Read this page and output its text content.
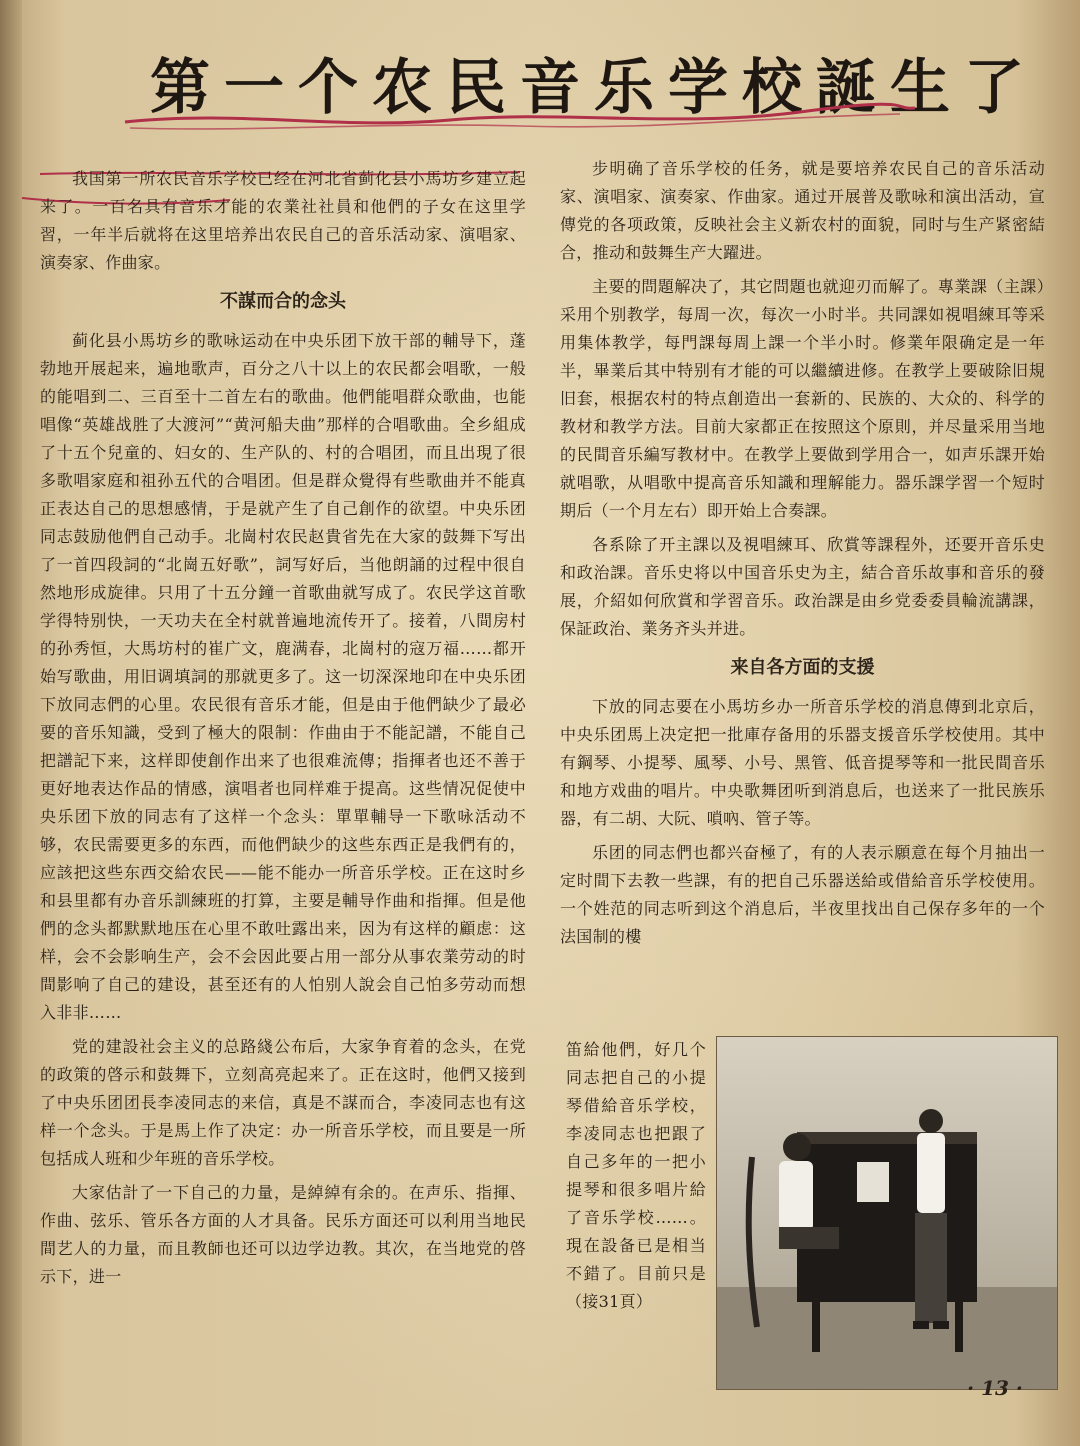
第一个农民音乐学校誕生了

我国第一所农民音乐学校已经在河北省蓟化县小馬坊乡建立起来了。一百名具有音乐才能的农業社社員和他們的子女在这里学習，一年半后就将在这里培养出农民自己的音乐活动家、演唱家、演奏家、作曲家。

不謀而合的念头

蓟化县小馬坊乡的歌咏运动在中央乐团下放干部的輔导下，蓬勃地开展起来，遍地歌声，百分之八十以上的农民都会唱歌，一般的能唱到二、三百至十二首左右的歌曲。他們能唱群众歌曲，也能唱像“英雄战胜了大渡河”“黄河船夫曲”那样的合唱歌曲。全乡組成了十五个兒童的、妇女的、生产队的、村的合唱团，而且出現了很多歌唱家庭和祖孙五代的合唱团。但是群众覺得有些歌曲并不能真正表达自己的思想感情，于是就产生了自己創作的欲望。中央乐团同志鼓励他們自己动手。北崗村农民赵貴省先在大家的鼓舞下写出了一首四段詞的“北崗五好歌”，詞写好后，当他朗誦的过程中很自然地形成旋律。只用了十五分鐘一首歌曲就写成了。农民学这首歌学得特别快，一天功夫在全村就普遍地流传开了。接着，八間房村的孙秀恒，大馬坊村的崔广文，鹿满春，北崗村的寇万福……都开始写歌曲，用旧调填詞的那就更多了。这一切深深地印在中央乐团下放同志們的心里。农民很有音乐才能，但是由于他們缺少了最必要的音乐知識，受到了極大的限制：作曲由于不能記譜，不能自己把譜記下来，这样即使創作出来了也很难流傳；指揮者也还不善于更好地表达作品的情感，演唱者也同样难于提高。这些情况促使中央乐团下放的同志有了这样一个念头：單單輔导一下歌咏活动不够，农民需要更多的东西，而他們缺少的这些东西正是我們有的，应該把这些东西交給农民——能不能办一所音乐学校。正在这时乡和县里都有办音乐訓練班的打算，主要是輔导作曲和指揮。但是他們的念头都默默地压在心里不敢吐露出来，因为有这样的顧虑：这样，会不会影响生产，会不会因此要占用一部分从事农業劳动的时間影响了自己的建设，甚至还有的人怕别人說会自己怕多劳动而想入非非……

党的建設社会主义的总路綫公布后，大家争育着的念头，在党的政策的啓示和鼓舞下，立刻高亮起来了。正在这时，他們又接到了中央乐团团長李凌同志的来信，真是不謀而合，李凌同志也有这样一个念头。于是馬上作了决定：办一所音乐学校，而且要是一所包括成人班和少年班的音乐学校。

大家估計了一下自己的力量，是綽綽有余的。在声乐、指揮、作曲、弦乐、管乐各方面的人才具备。民乐方面还可以利用当地民間艺人的力量，而且教師也还可以边学边教。其次，在当地党的啓示下，进一

步明确了音乐学校的任务，就是要培养农民自己的音乐活动家、演唱家、演奏家、作曲家。通过开展普及歌咏和演出活动，宣傳党的各项政策，反映社会主义新农村的面貌，同时与生产紧密結合，推动和鼓舞生产大躍进。

主要的問題解决了，其它問題也就迎刃而解了。專業課（主課）采用个别教学，每周一次，每次一小时半。共同課如視唱練耳等采用集体教学，每門課每周上課一个半小时。修業年限确定是一年半，畢業后其中特别有才能的可以繼續进修。在教学上要破除旧規旧套，根据农村的特点創造出一套新的、民族的、大众的、科学的教材和教学方法。目前大家都正在按照这个原則，并尽量采用当地的民間音乐編写教材中。在教学上要做到学用合一，如声乐課开始就唱歌，从唱歌中提高音乐知識和理解能力。器乐課学習一个短时期后（一个月左右）即开始上合奏課。

各系除了开主課以及視唱練耳、欣賞等課程外，还要开音乐史和政治課。音乐史将以中国音乐史为主，結合音乐故事和音乐的發展，介紹如何欣賞和学習音乐。政治課是由乡党委委員輪流講課，保証政治、業务齐头并进。

来自各方面的支援

下放的同志要在小馬坊乡办一所音乐学校的消息傳到北京后，中央乐团馬上决定把一批庫存备用的乐器支援音乐学校使用。其中有鋼琴、小提琴、風琴、小号、黑管、低音提琴等和一批民間音乐和地方戏曲的唱片。中央歌舞团听到消息后，也送来了一批民族乐器，有二胡、大阮、嗩吶、管子等。

乐团的同志們也都兴奋極了，有的人表示願意在每个月抽出一定时間下去教一些課，有的把自己乐器送給或借給音乐学校使用。一个姓范的同志听到这个消息后，半夜里找出自己保存多年的一个法国制的樓

笛給他們，好几个同志把自己的小提琴借給音乐学校，李凌同志也把跟了自己多年的一把小提琴和很多唱片給了音乐学校……。現在設备已是相当不錯了。目前只是（接31頁）

· 13 ·
